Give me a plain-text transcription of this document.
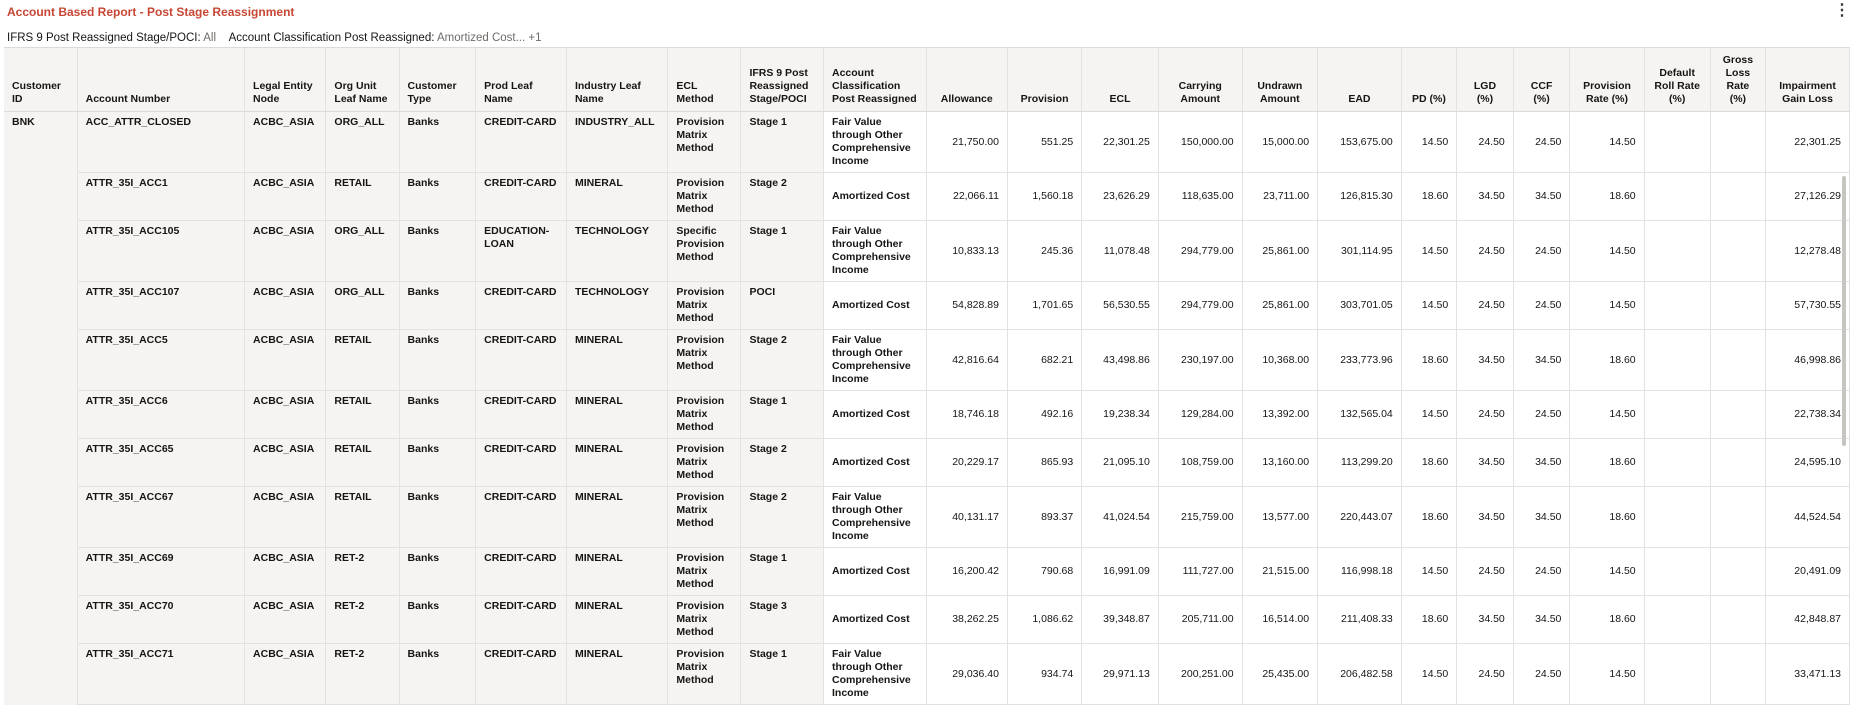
Account Based Report - Post Stage Reassignment	⋮
IFRS 9 Post Reassigned Stage/POCI: All Account Classification Post Reassigned: Amortized Cost... +1
Customer ID	Account Number	Legal Entity Node	Org Unit Leaf Name	Customer Type	Prod Leaf Name	Industry Leaf Name	ECL Method	IFRS 9 Post Reassigned Stage/POCI	Account Classification Post Reassigned	Allowance	Provision	ECL	Carrying Amount	Undrawn Amount	EAD	PD (%)	LGD (%)	CCF (%)	Provision Rate (%)	Default Roll Rate (%)	Gross Loss Rate (%)	Impairment Gain Loss
BNK	ACC_ATTR_CLOSED	ACBC_ASIA	ORG_ALL	Banks	CREDIT-CARD	INDUSTRY_ALL	Provision Matrix Method	Stage 1	Fair Value through Other Comprehensive Income	21,750.00	551.25	22,301.25	150,000.00	15,000.00	153,675.00	14.50	24.50	24.50	14.50			22,301.25
	ATTR_35I_ACC1	ACBC_ASIA	RETAIL	Banks	CREDIT-CARD	MINERAL	Provision Matrix Method	Stage 2	Amortized Cost	22,066.11	1,560.18	23,626.29	118,635.00	23,711.00	126,815.30	18.60	34.50	34.50	18.60			27,126.29
	ATTR_35I_ACC105	ACBC_ASIA	ORG_ALL	Banks	EDUCATION-LOAN	TECHNOLOGY	Specific Provision Method	Stage 1	Fair Value through Other Comprehensive Income	10,833.13	245.36	11,078.48	294,779.00	25,861.00	301,114.95	14.50	24.50	24.50	14.50			12,278.48
	ATTR_35I_ACC107	ACBC_ASIA	ORG_ALL	Banks	CREDIT-CARD	TECHNOLOGY	Provision Matrix Method	POCI	Amortized Cost	54,828.89	1,701.65	56,530.55	294,779.00	25,861.00	303,701.05	14.50	24.50	24.50	14.50			57,730.55
	ATTR_35I_ACC5	ACBC_ASIA	RETAIL	Banks	CREDIT-CARD	MINERAL	Provision Matrix Method	Stage 2	Fair Value through Other Comprehensive Income	42,816.64	682.21	43,498.86	230,197.00	10,368.00	233,773.96	18.60	34.50	34.50	18.60			46,998.86
	ATTR_35I_ACC6	ACBC_ASIA	RETAIL	Banks	CREDIT-CARD	MINERAL	Provision Matrix Method	Stage 1	Amortized Cost	18,746.18	492.16	19,238.34	129,284.00	13,392.00	132,565.04	14.50	24.50	24.50	14.50			22,738.34
	ATTR_35I_ACC65	ACBC_ASIA	RETAIL	Banks	CREDIT-CARD	MINERAL	Provision Matrix Method	Stage 2	Amortized Cost	20,229.17	865.93	21,095.10	108,759.00	13,160.00	113,299.20	18.60	34.50	34.50	18.60			24,595.10
	ATTR_35I_ACC67	ACBC_ASIA	RETAIL	Banks	CREDIT-CARD	MINERAL	Provision Matrix Method	Stage 2	Fair Value through Other Comprehensive Income	40,131.17	893.37	41,024.54	215,759.00	13,577.00	220,443.07	18.60	34.50	34.50	18.60			44,524.54
	ATTR_35I_ACC69	ACBC_ASIA	RET-2	Banks	CREDIT-CARD	MINERAL	Provision Matrix Method	Stage 1	Amortized Cost	16,200.42	790.68	16,991.09	111,727.00	21,515.00	116,998.18	14.50	24.50	24.50	14.50			20,491.09
	ATTR_35I_ACC70	ACBC_ASIA	RET-2	Banks	CREDIT-CARD	MINERAL	Provision Matrix Method	Stage 3	Amortized Cost	38,262.25	1,086.62	39,348.87	205,711.00	16,514.00	211,408.33	18.60	34.50	34.50	18.60			42,848.87
	ATTR_35I_ACC71	ACBC_ASIA	RET-2	Banks	CREDIT-CARD	MINERAL	Provision Matrix Method	Stage 1	Fair Value through Other Comprehensive Income	29,036.40	934.74	29,971.13	200,251.00	25,435.00	206,482.58	14.50	24.50	24.50	14.50			33,471.13
